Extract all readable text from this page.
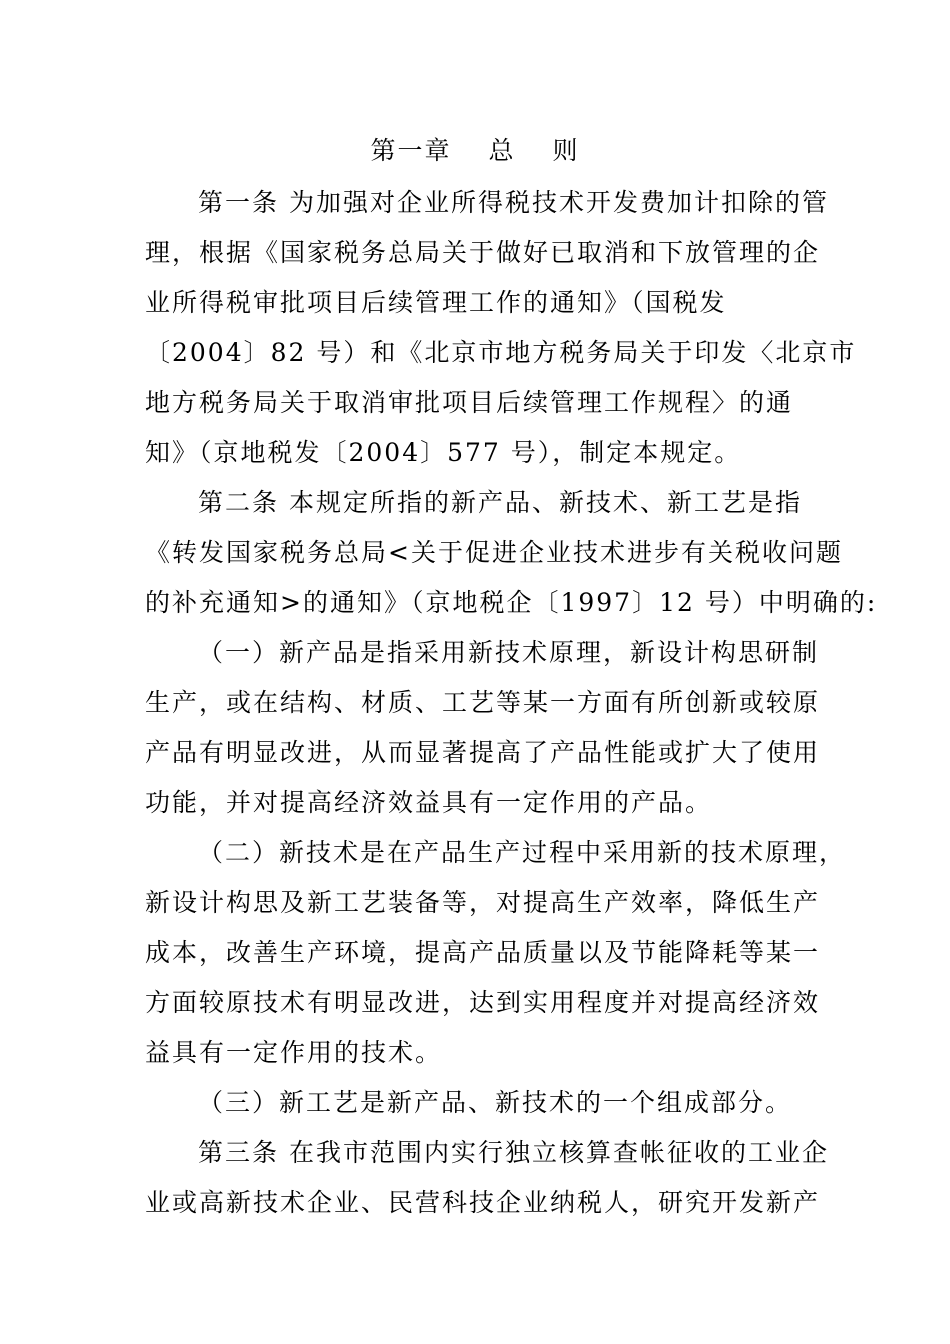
第一章　 总　 则
第一条 为加强对企业所得税技术开发费加计扣除的管
理，根据《国家税务总局关于做好已取消和下放管理的企
业所得税审批项目后续管理工作的通知》（国税发
〔2004〕82 号）和《北京市地方税务局关于印发〈北京市
地方税务局关于取消审批项目后续管理工作规程〉的通
知》（京地税发〔2004〕577 号），制定本规定。
第二条 本规定所指的新产品、新技术、新工艺是指
《转发国家税务总局<关于促进企业技术进步有关税收问题
的补充通知>的通知》（京地税企〔1997〕12 号）中明确的:
（一）新产品是指采用新技术原理，新设计构思研制
生产，或在结构、材质、工艺等某一方面有所创新或较原
产品有明显改进，从而显著提高了产品性能或扩大了使用
功能，并对提高经济效益具有一定作用的产品。
（二）新技术是在产品生产过程中采用新的技术原理，
新设计构思及新工艺装备等，对提高生产效率，降低生产
成本，改善生产环境，提高产品质量以及节能降耗等某一
方面较原技术有明显改进，达到实用程度并对提高经济效
益具有一定作用的技术。
（三）新工艺是新产品、新技术的一个组成部分。
第三条 在我市范围内实行独立核算查帐征收的工业企
业或高新技术企业、民营科技企业纳税人，研究开发新产
